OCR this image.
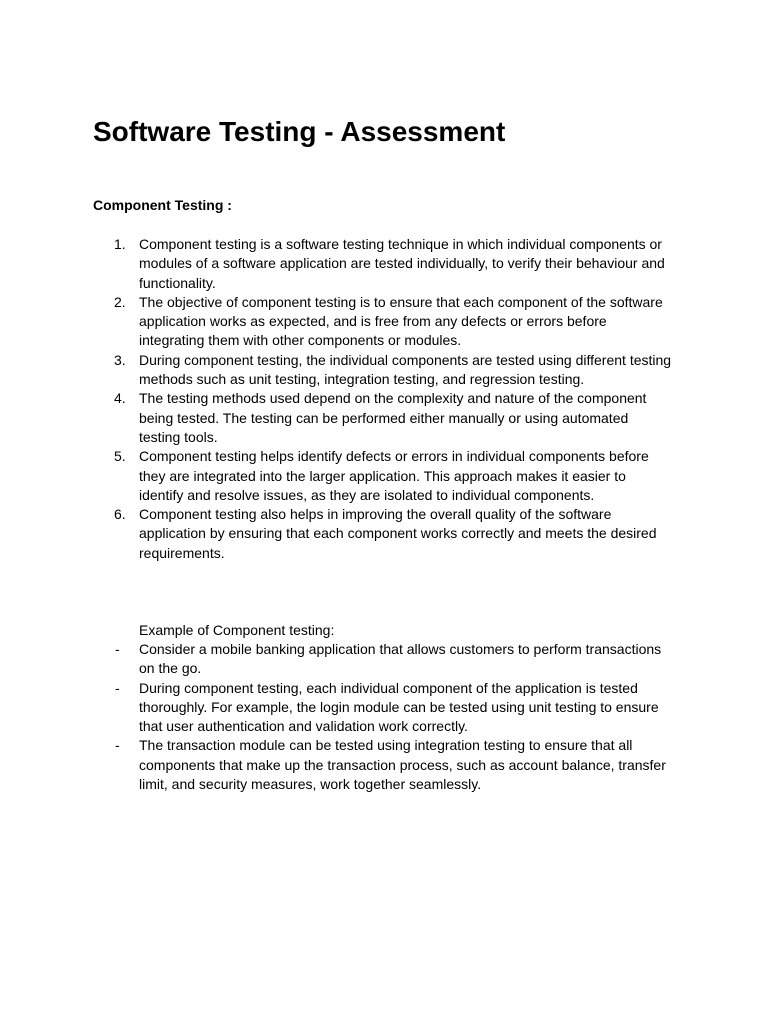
Software Testing - Assessment
Component Testing :
1. Component testing is a software testing technique in which individual components or modules of a software application are tested individually, to verify their behaviour and functionality.
2. The objective of component testing is to ensure that each component of the software application works as expected, and is free from any defects or errors before integrating them with other components or modules.
3. During component testing, the individual components are tested using different testing methods such as unit testing, integration testing, and regression testing.
4. The testing methods used depend on the complexity and nature of the component being tested. The testing can be performed either manually or using automated testing tools.
5. Component testing helps identify defects or errors in individual components before they are integrated into the larger application. This approach makes it easier to identify and resolve issues, as they are isolated to individual components.
6. Component testing also helps in improving the overall quality of the software application by ensuring that each component works correctly and meets the desired requirements.

Example of Component testing:

- Consider a mobile banking application that allows customers to perform transactions on the go.
- During component testing, each individual component of the application is tested thoroughly. For example, the login module can be tested using unit testing to ensure that user authentication and validation work correctly.
- The transaction module can be tested using integration testing to ensure that all components that make up the transaction process, such as account balance, transfer limit, and security measures, work together seamlessly.
